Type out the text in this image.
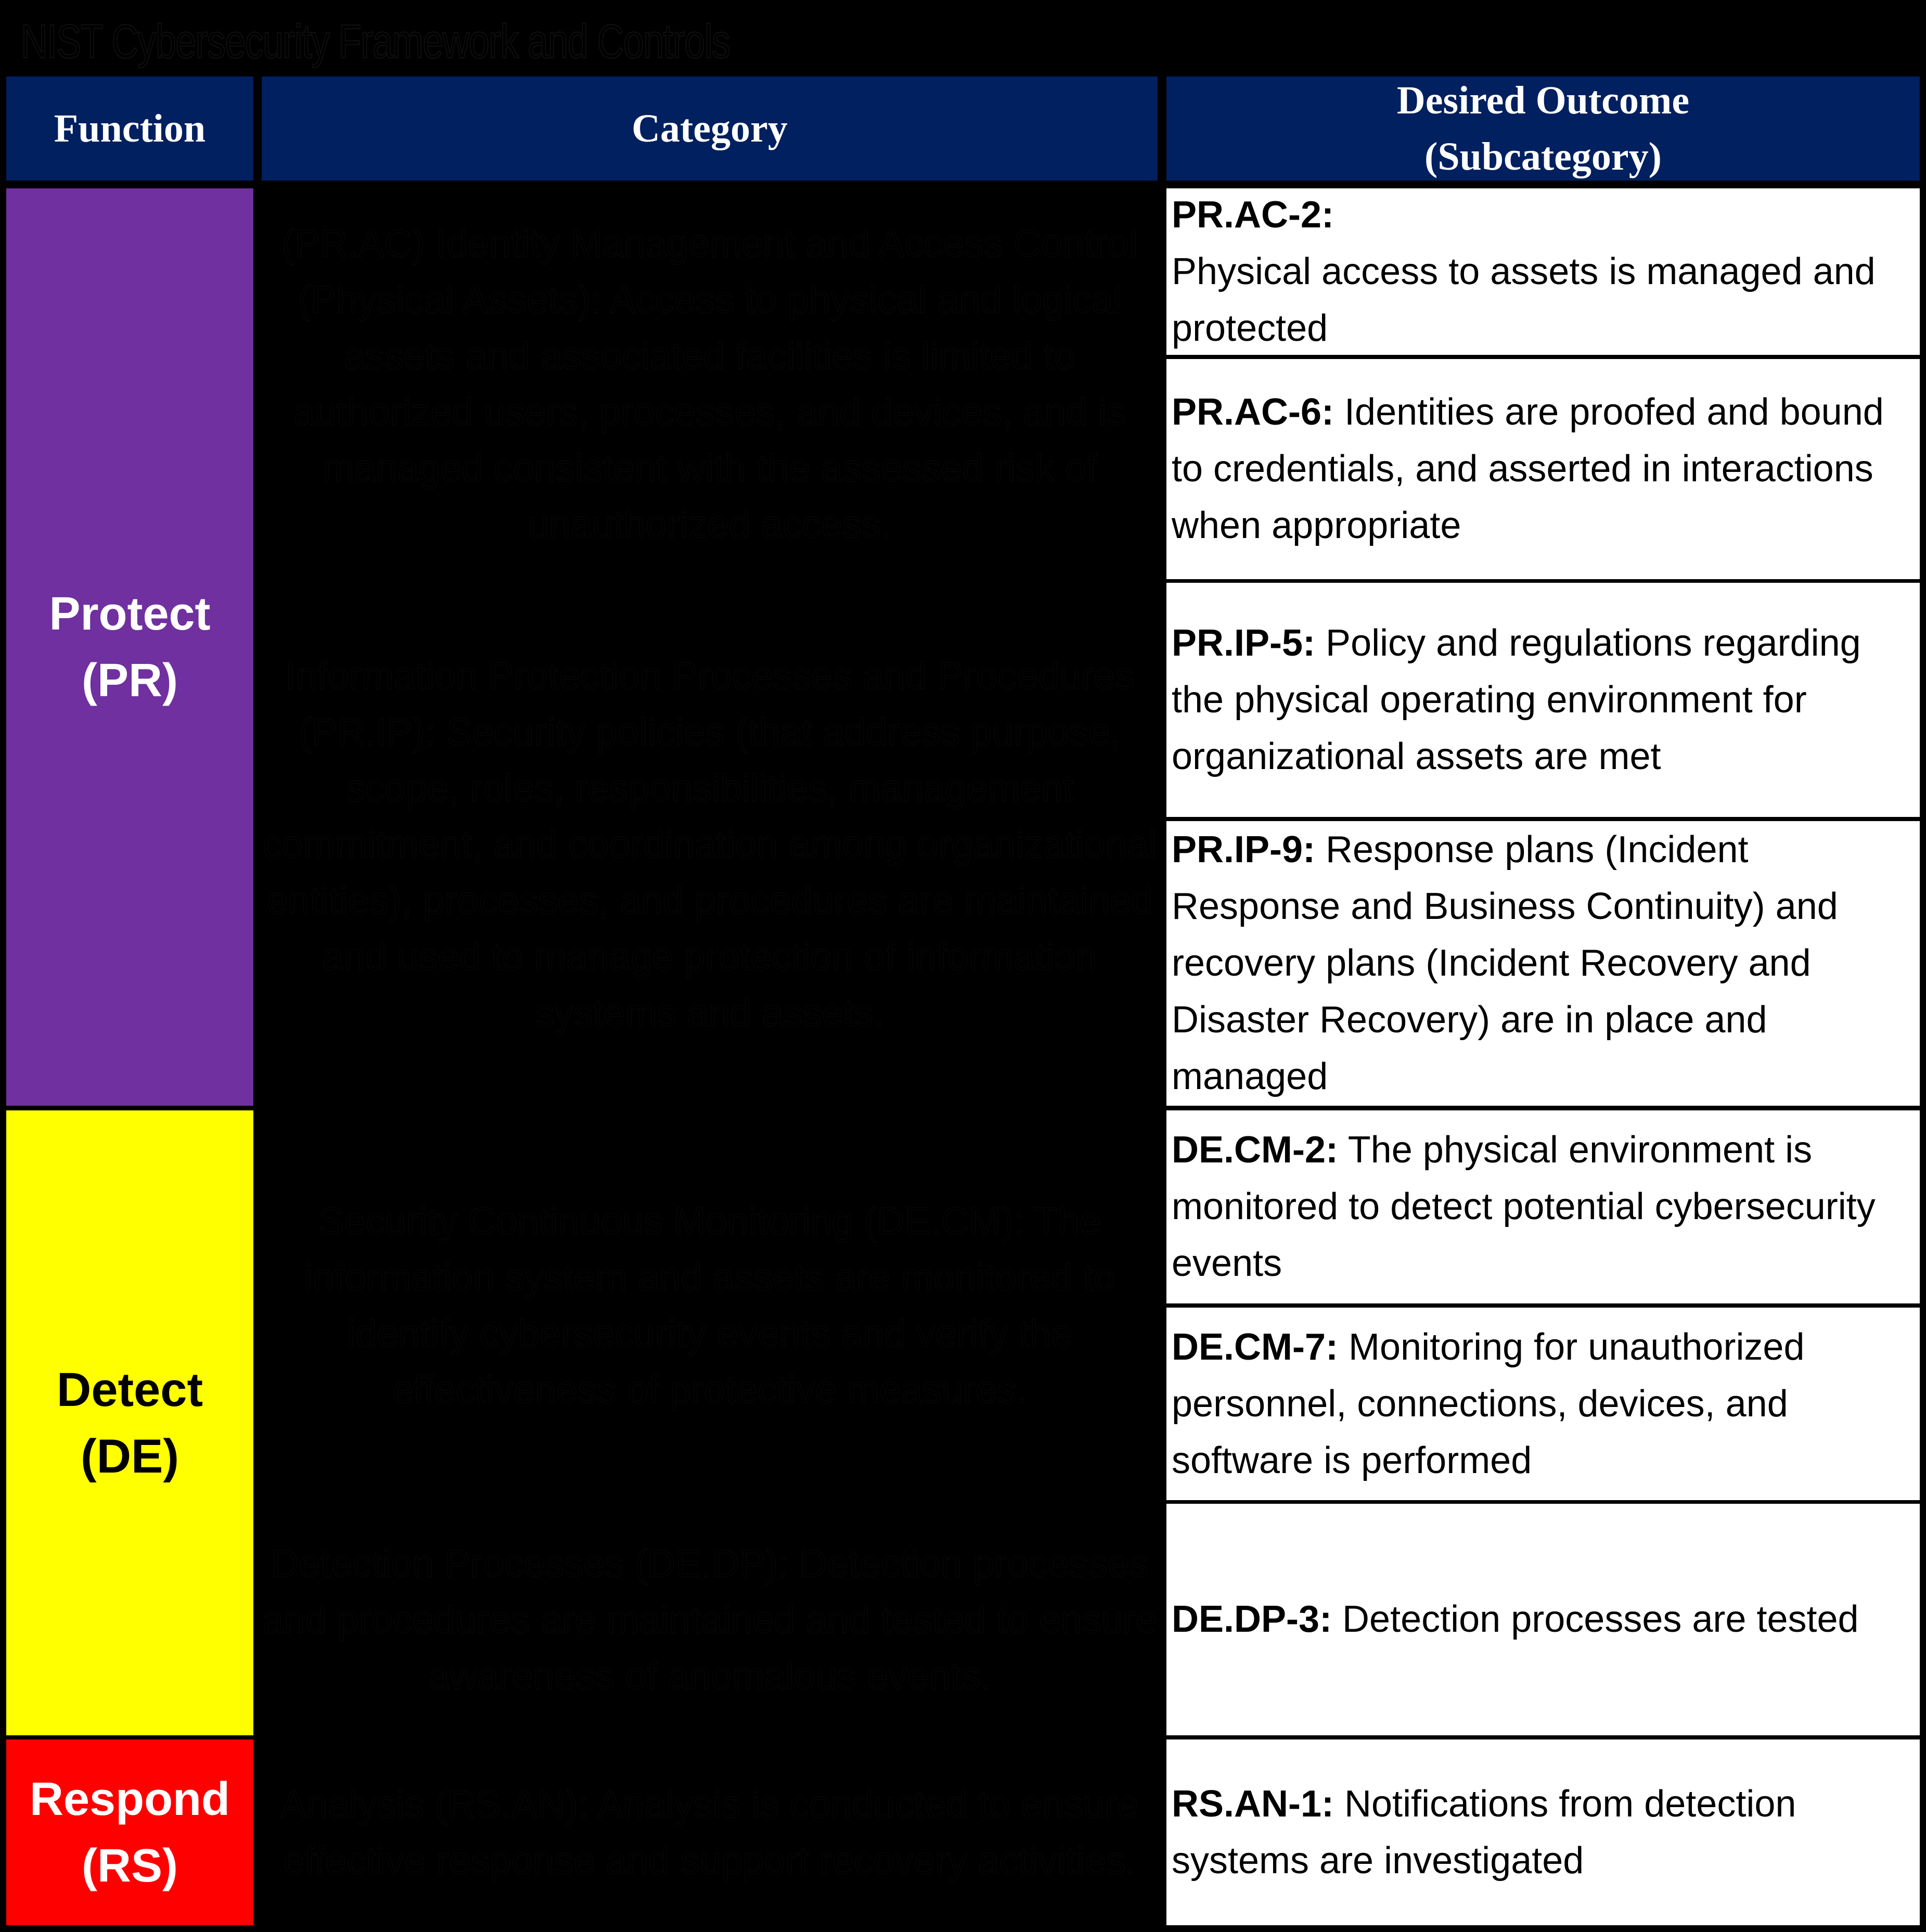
NIST Cybersecurity Framework and Controls
Function	Category
Desired Outcome
(Subcategory)
Protect
(PR)
Detect
(DE)
Respond
(RS)
(PR.AC) Identity Management and Access Control (Physical Assets): Access to physical and logical assets and associated facilities is limited to authorized users, processes, and devices, and is managed consistent with the assessed risk of unauthorized access.
Information Protection Processes and Procedures (PR.IP): Security policies (that address purpose, scope, roles, responsibilities, management commitment, and coordination among organizational entities), processes, and procedures are maintained and used to manage protection of information systems and assets.
Security Continuous Monitoring (DE.CM): The information system and assets are monitored to identify cybersecurity events and verify the effectiveness of protective measures.
Detection Processes (DE.DP): Detection processes and procedures are maintained and tested to ensure awareness of anomalous events.
Analysis (RS.AN): Analysis is conducted to ensure effective response and support recovery activities.
PR.AC-2:
Physical access to assets is managed and protected
PR.AC-6: Identities are proofed and bound to credentials, and asserted in interactions when appropriate
PR.IP-5: Policy and regulations regarding the physical operating environment for organizational assets are met
PR.IP-9: Response plans (Incident Response and Business Continuity) and recovery plans (Incident Recovery and Disaster Recovery) are in place and managed
DE.CM-2: The physical environment is monitored to detect potential cybersecurity events
DE.CM-7: Monitoring for unauthorized personnel, connections, devices, and software is performed
DE.DP-3: Detection processes are tested
RS.AN-1: Notifications from detection systems are investigated
